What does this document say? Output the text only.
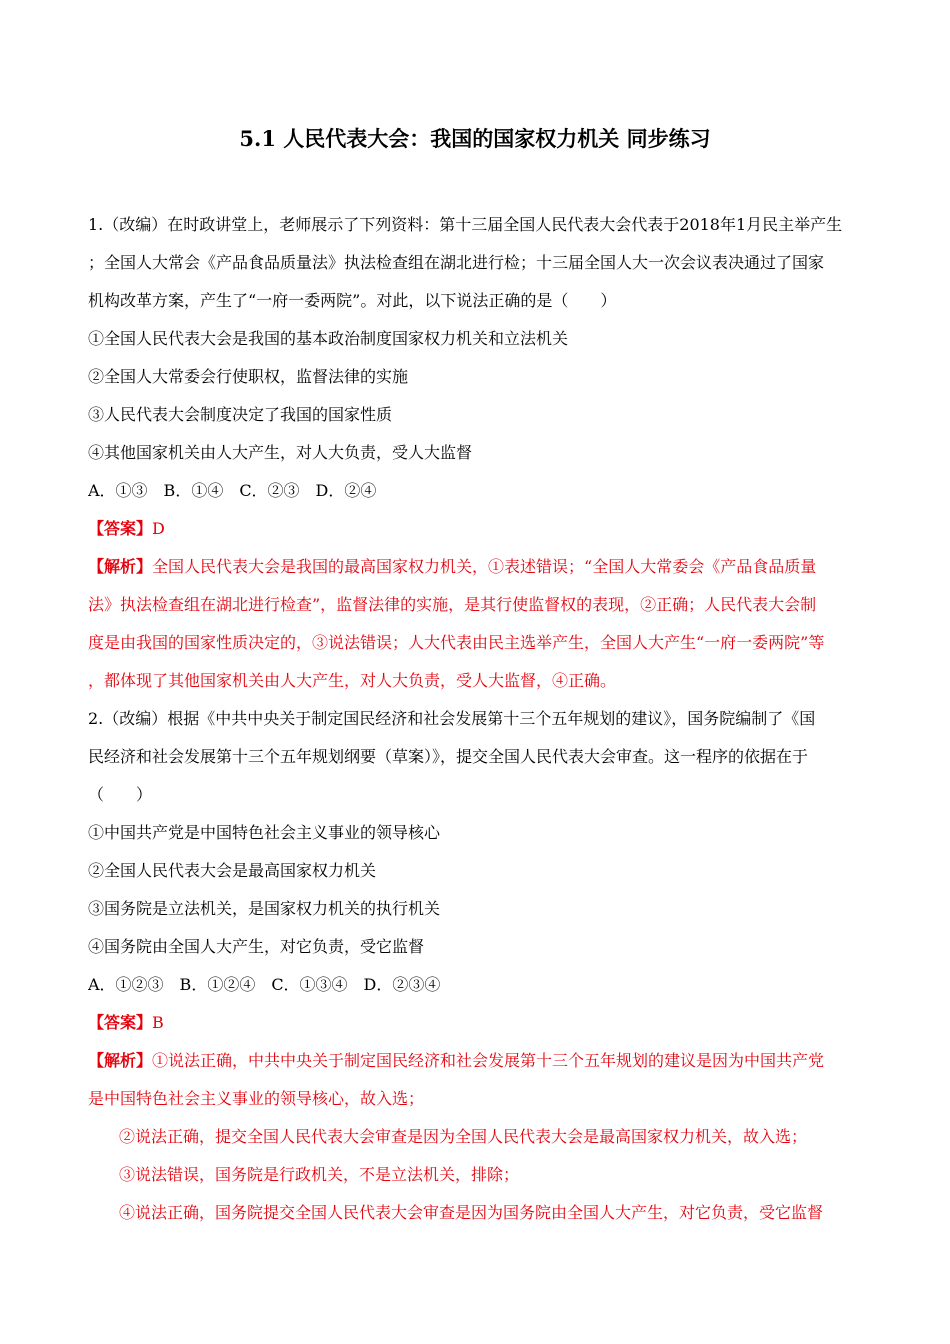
5.1 人民代表大会：我国的国家权力机关 同步练习
1.（改编）在时政讲堂上，老师展示了下列资料：第十三届全国人民代表大会代表于2018年1月民主举产生
；全国人大常会《产品食品质量法》执法检查组在湖北进行检；十三届全国人大一次会议表决通过了国家
机构改革方案，产生了“一府一委两院”。对此，以下说法正确的是（　　）
①全国人民代表大会是我国的基本政治制度国家权力机关和立法机关
②全国人大常委会行使职权，监督法律的实施
③人民代表大会制度决定了我国的国家性质
④其他国家机关由人大产生，对人大负责，受人大监督
A．①③　B．①④　C．②③　D．②④
【答案】D
【解析】全国人民代表大会是我国的最高国家权力机关，①表述错误；“全国人大常委会《产品食品质量
法》执法检查组在湖北进行检查”，监督法律的实施，是其行使监督权的表现，②正确；人民代表大会制
度是由我国的国家性质决定的，③说法错误；人大代表由民主选举产生，全国人大产生“一府一委两院”等
，都体现了其他国家机关由人大产生，对人大负责，受人大监督，④正确。
2.（改编）根据《中共中央关于制定国民经济和社会发展第十三个五年规划的建议》，国务院编制了《国
民经济和社会发展第十三个五年规划纲要（草案）》，提交全国人民代表大会审查。这一程序的依据在于
（　　）
①中国共产党是中国特色社会主义事业的领导核心
②全国人民代表大会是最高国家权力机关
③国务院是立法机关，是国家权力机关的执行机关
④国务院由全国人大产生，对它负责，受它监督
A．①②③　B．①②④　C．①③④　D．②③④
【答案】B
【解析】①说法正确，中共中央关于制定国民经济和社会发展第十三个五年规划的建议是因为中国共产党
是中国特色社会主义事业的领导核心，故入选；
②说法正确，提交全国人民代表大会审查是因为全国人民代表大会是最高国家权力机关，故入选；
③说法错误，国务院是行政机关，不是立法机关，排除；
④说法正确，国务院提交全国人民代表大会审查是因为国务院由全国人大产生，对它负责，受它监督
